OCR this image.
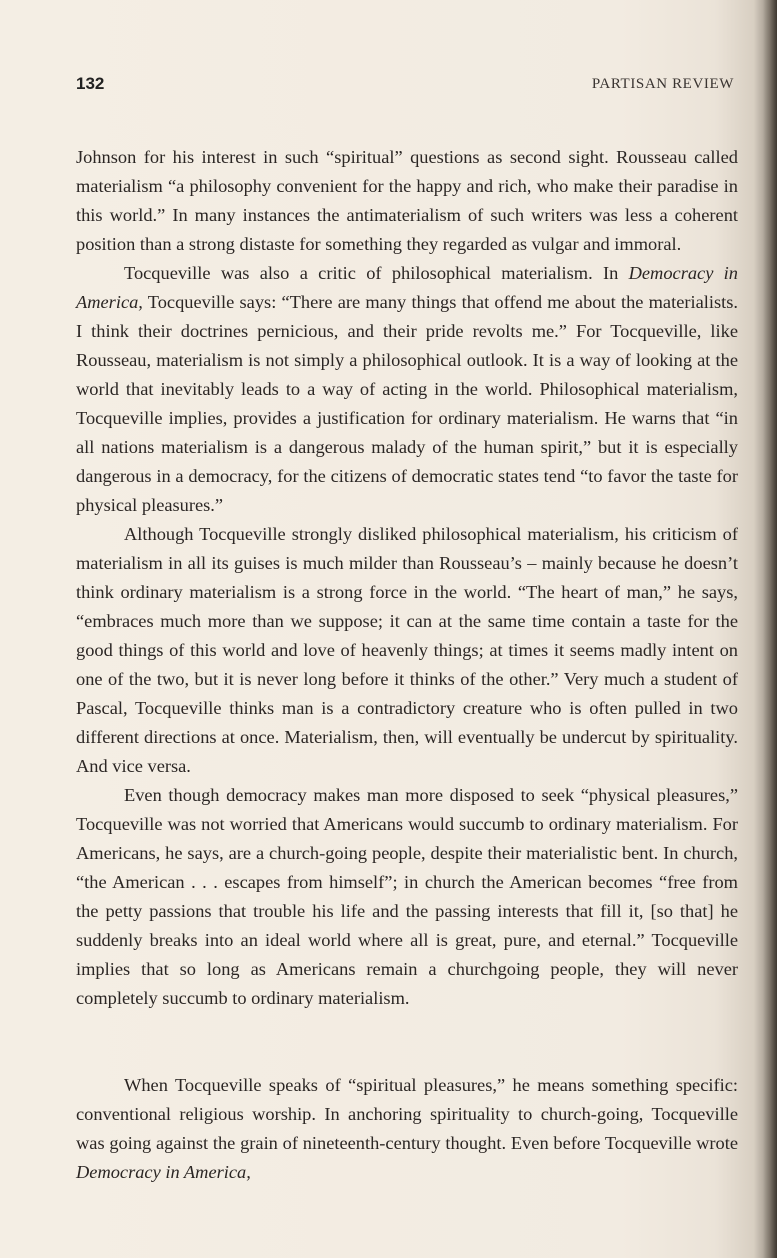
132	PARTISAN REVIEW

Johnson for his interest in such “spiritual” questions as second sight. Rousseau called materialism “a philosophy convenient for the happy and rich, who make their paradise in this world.” In many instances the antimaterialism of such writers was less a coherent position than a strong distaste for something they regarded as vulgar and immoral.

Tocqueville was also a critic of philosophical materialism. In Democracy in America, Tocqueville says: “There are many things that offend me about the materialists. I think their doctrines pernicious, and their pride revolts me.” For Tocqueville, like Rousseau, materialism is not simply a philosophical outlook. It is a way of looking at the world that inevitably leads to a way of acting in the world. Philosophical materialism, Tocqueville implies, provides a justification for ordinary materialism. He warns that “in all nations materialism is a dangerous malady of the human spirit,” but it is especially dangerous in a democracy, for the citizens of democratic states tend “to favor the taste for physical pleasures.”

Although Tocqueville strongly disliked philosophical materialism, his criticism of materialism in all its guises is much milder than Rousseau’s – mainly because he doesn’t think ordinary materialism is a strong force in the world. “The heart of man,” he says, “embraces much more than we suppose; it can at the same time contain a taste for the good things of this world and love of heavenly things; at times it seems madly intent on one of the two, but it is never long before it thinks of the other.” Very much a student of Pascal, Tocqueville thinks man is a contradictory creature who is often pulled in two different directions at once. Materialism, then, will eventually be undercut by spirituality. And vice versa.

Even though democracy makes man more disposed to seek “physical pleasures,” Tocqueville was not worried that Americans would succumb to ordinary materialism. For Americans, he says, are a church-going people, despite their materialistic bent. In church, “the American . . . escapes from himself”; in church the American becomes “free from the petty passions that trouble his life and the passing interests that fill it, [so that] he suddenly breaks into an ideal world where all is great, pure, and eternal.” Tocqueville implies that so long as Americans remain a churchgoing people, they will never completely succumb to ordinary materialism.

When Tocqueville speaks of “spiritual pleasures,” he means something specific: conventional religious worship. In anchoring spirituality to church-going, Tocqueville was going against the grain of nineteenth-century thought. Even before Tocqueville wrote Democracy in America,
